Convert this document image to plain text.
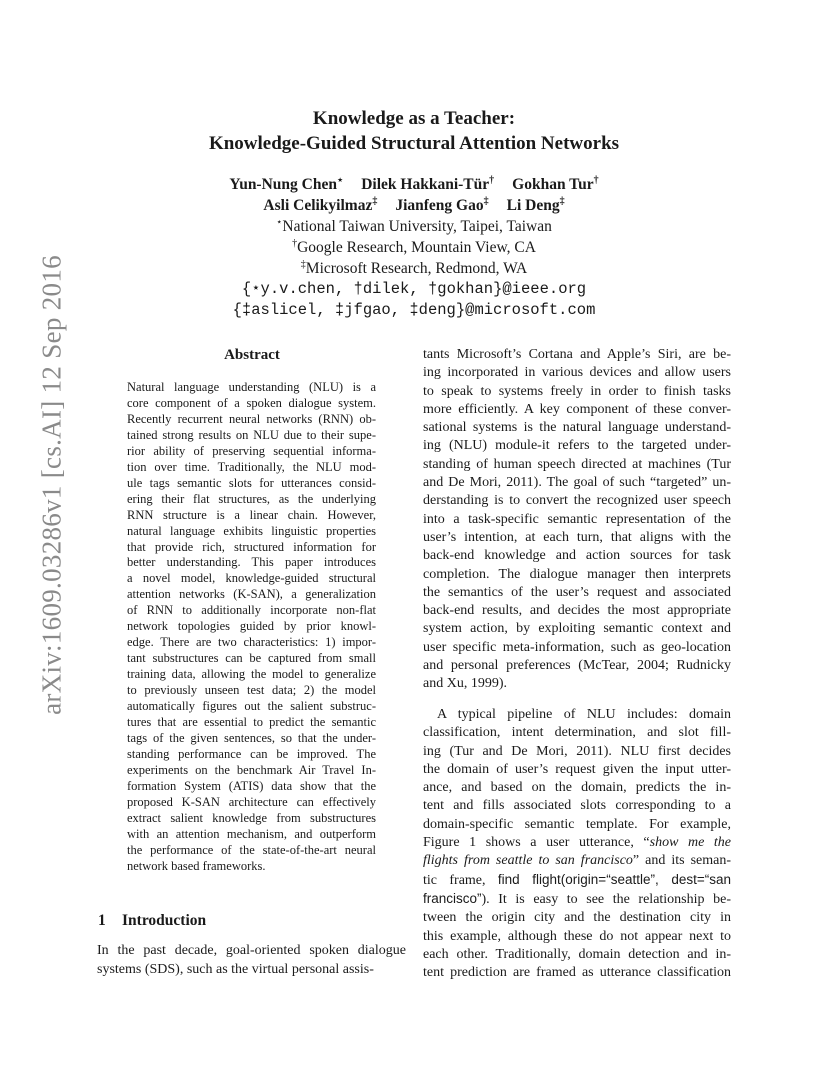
arXiv:1609.03286v1 [cs.AI] 12 Sep 2016
Knowledge as a Teacher:
Knowledge-Guided Structural Attention Networks
Yun-Nung Chen⋆ Dilek Hakkani-Tür† Gokhan Tur†
Asli Celikyilmaz‡ Jianfeng Gao‡ Li Deng‡
⋆National Taiwan University, Taipei, Taiwan
†Google Research, Mountain View, CA
‡Microsoft Research, Redmond, WA
{⋆y.v.chen, †dilek, †gokhan}@ieee.org
{‡aslicel, ‡jfgao, ‡deng}@microsoft.com
Abstract
Natural language understanding (NLU) is a
core component of a spoken dialogue system.
Recently recurrent neural networks (RNN) ob-
tained strong results on NLU due to their supe-
rior ability of preserving sequential informa-
tion over time. Traditionally, the NLU mod-
ule tags semantic slots for utterances consid-
ering their flat structures, as the underlying
RNN structure is a linear chain. However,
natural language exhibits linguistic properties
that provide rich, structured information for
better understanding. This paper introduces
a novel model, knowledge-guided structural
attention networks (K-SAN), a generalization
of RNN to additionally incorporate non-flat
network topologies guided by prior knowl-
edge. There are two characteristics: 1) impor-
tant substructures can be captured from small
training data, allowing the model to generalize
to previously unseen test data; 2) the model
automatically figures out the salient substruc-
tures that are essential to predict the semantic
tags of the given sentences, so that the under-
standing performance can be improved. The
experiments on the benchmark Air Travel In-
formation System (ATIS) data show that the
proposed K-SAN architecture can effectively
extract salient knowledge from substructures
with an attention mechanism, and outperform
the performance of the state-of-the-art neural
network based frameworks.
1 Introduction
In the past decade, goal-oriented spoken dialogue
systems (SDS), such as the virtual personal assis-
tants Microsoft’s Cortana and Apple’s Siri, are be-
ing incorporated in various devices and allow users
to speak to systems freely in order to finish tasks
more efficiently. A key component of these conver-
sational systems is the natural language understand-
ing (NLU) module-it refers to the targeted under-
standing of human speech directed at machines (Tur
and De Mori, 2011). The goal of such “targeted” un-
derstanding is to convert the recognized user speech
into a task-specific semantic representation of the
user’s intention, at each turn, that aligns with the
back-end knowledge and action sources for task
completion. The dialogue manager then interprets
the semantics of the user’s request and associated
back-end results, and decides the most appropriate
system action, by exploiting semantic context and
user specific meta-information, such as geo-location
and personal preferences (McTear, 2004; Rudnicky
and Xu, 1999).
A typical pipeline of NLU includes: domain
classification, intent determination, and slot fill-
ing (Tur and De Mori, 2011). NLU first decides
the domain of user’s request given the input utter-
ance, and based on the domain, predicts the in-
tent and fills associated slots corresponding to a
domain-specific semantic template. For example,
Figure 1 shows a user utterance, “show me the
flights from seattle to san francisco” and its seman-
tic frame, find flight(origin=“seattle”, dest=“san
francisco”). It is easy to see the relationship be-
tween the origin city and the destination city in
this example, although these do not appear next to
each other. Traditionally, domain detection and in-
tent prediction are framed as utterance classification
